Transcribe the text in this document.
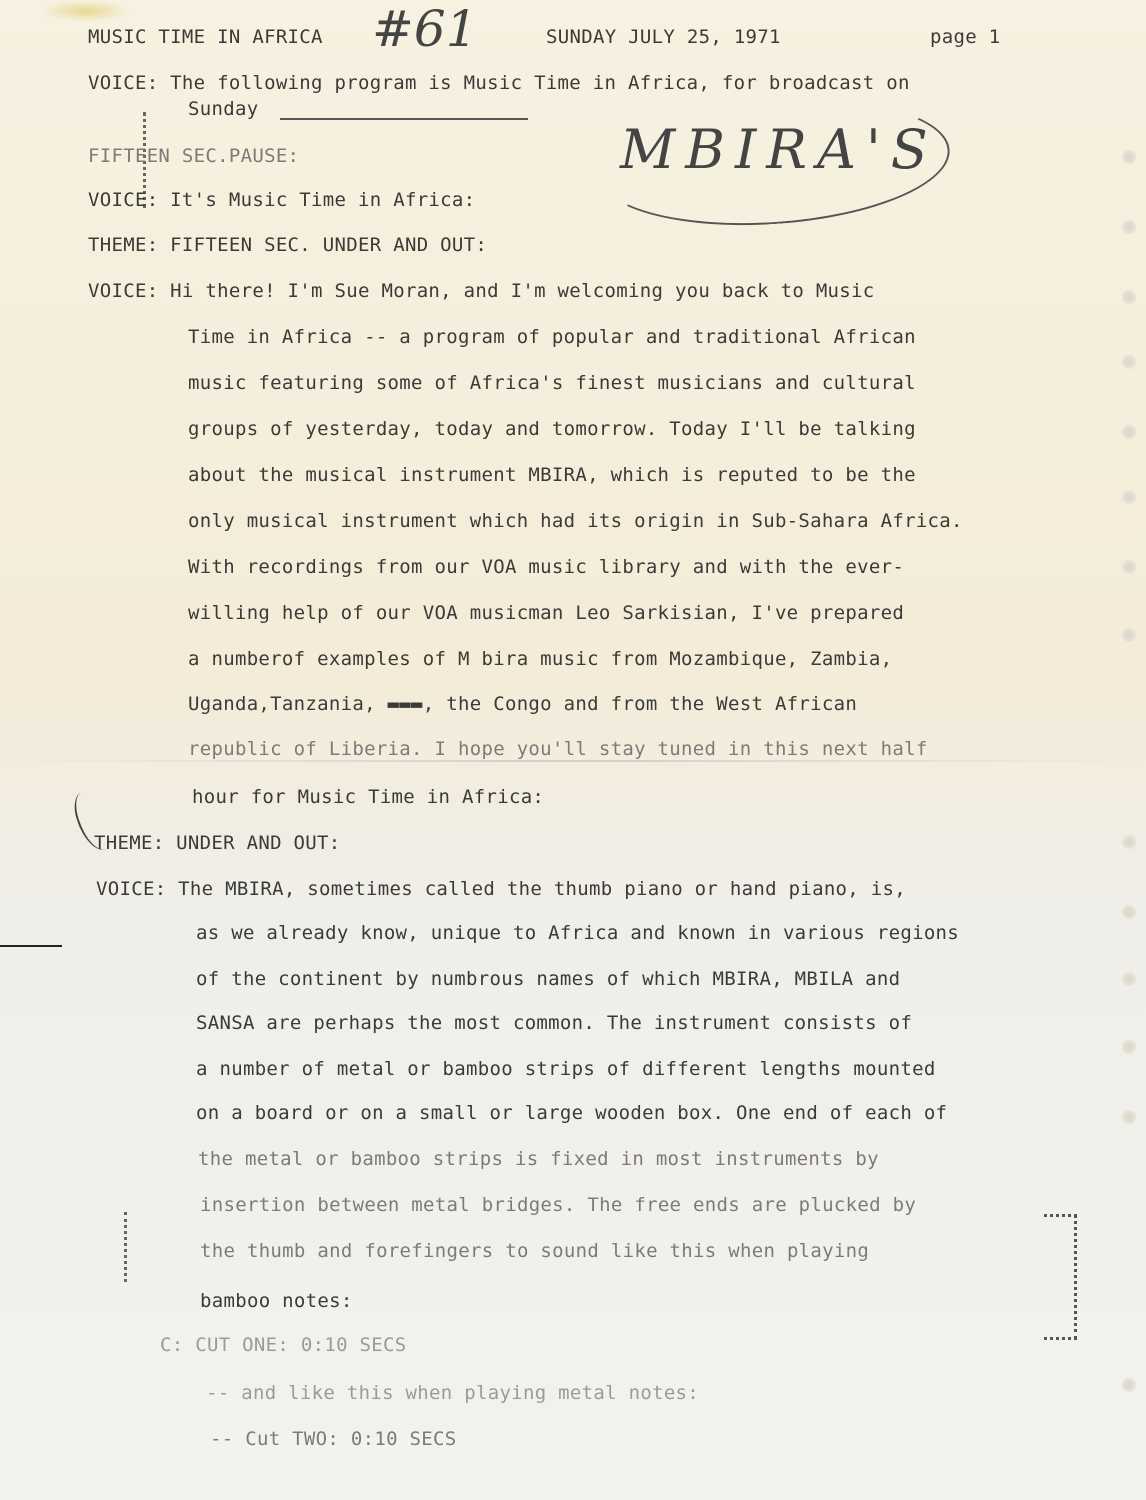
MUSIC TIME IN AFRICA #61	SUNDAY JULY 25, 1971	page 1
MBIRA'S
VOICE: The following program is Music Time in Africa, for broadcast on
Sunday
FIFTEEN SEC.PAUSE:
VOICE: It's Music Time in Africa:
THEME: FIFTEEN SEC. UNDER AND OUT:
VOICE: Hi there! I'm Sue Moran, and I'm welcoming you back to Music
Time in Africa -- a program of popular and traditional African
music featuring some of Africa's finest musicians and cultural
groups of yesterday, today and tomorrow. Today I'll be talking
about the musical instrument MBIRA, which is reputed to be the
only musical instrument which had its origin in Sub-Sahara Africa.
With recordings from our VOA music library and with the ever-
willing help of our VOA musicman Leo Sarkisian, I've prepared
a numberof examples of M bira music from Mozambique, Zambia,
Uganda,Tanzania, ▬▬▬, the Congo and from the West African
republic of Liberia. I hope you'll stay tuned in this next half
hour for Music Time in Africa:
THEME: UNDER AND OUT:
VOICE: The MBIRA, sometimes called the thumb piano or hand piano, is,
as we already know, unique to Africa and known in various regions
of the continent by numbrous names of which MBIRA, MBILA and
SANSA are perhaps the most common. The instrument consists of
a number of metal or bamboo strips of different lengths mounted
on a board or on a small or large wooden box. One end of each of
the metal or bamboo strips is fixed in most instruments by
insertion between metal bridges. The free ends are plucked by
the thumb and forefingers to sound like this when playing
bamboo notes:
C: CUT ONE: 0:10 SECS
-- and like this when playing metal notes:
-- Cut TWO: 0:10 SECS
